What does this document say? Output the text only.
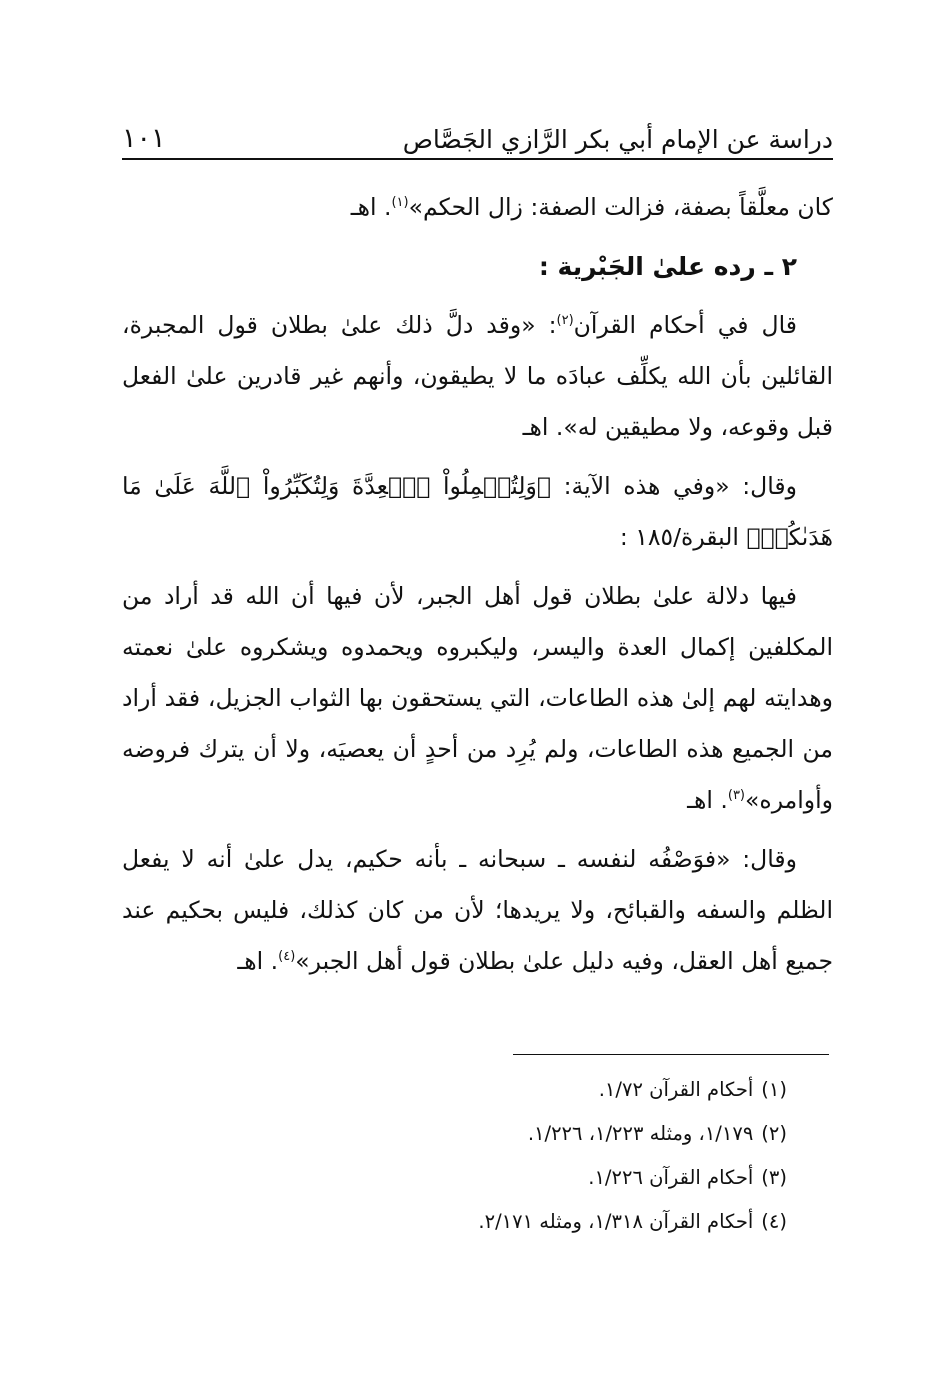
دراسة عن الإمام أبي بكر الرَّازي الجَصَّاص
١٠١

كان معلَّقاً بصفة، فزالت الصفة: زال الحكم»$^{(١)}$. اهـ

٢ ـ رده علىٰ الجَبْرية :

قال في أحكام القرآن$^{(٢)}$: «وقد دلَّ ذلك علىٰ بطلان قول المجبرة، القائلين بأن الله يكلِّف عبادَه ما لا يطيقون، وأنهم غير قادرين علىٰ الفعل قبل وقوعه، ولا مطيقين له». اهـ

وقال: «وفي هذه الآية: ﴿وَلِتُكۡمِلُواْ ٱلۡعِدَّةَ وَلِتُكَبِّرُواْ ٱللَّهَ عَلَىٰ مَا هَدَىٰكُمۡ﴾ البقرة/١٨٥ :

فيها دلالة علىٰ بطلان قول أهل الجبر، لأن فيها أن الله قد أراد من المكلفين إكمال العدة واليسر، وليكبروه ويحمدوه ويشكروه علىٰ نعمته وهدايته لهم إلىٰ هذه الطاعات، التي يستحقون بها الثواب الجزيل، فقد أراد من الجميع هذه الطاعات، ولم يُرِد من أحدٍ أن يعصيَه، ولا أن يترك فروضه وأوامره»$^{(٣)}$. اهـ

وقال: «فوَصْفُه لنفسه ـ سبحانه ـ بأنه حكيم، يدل علىٰ أنه لا يفعل الظلم والسفه والقبائح، ولا يريدها؛ لأن من كان كذلك، فليس بحكيم عند جميع أهل العقل، وفيه دليل علىٰ بطلان قول أهل الجبر»$^{(٤)}$. اهـ

(١)أحكام القرآن ١/٧٢.

(٢)١/١٧٩، ومثله ١/٢٢٣، ١/٢٢٦.

(٣)أحكام القرآن ١/٢٢٦.

(٤)أحكام القرآن ١/٣١٨، ومثله ٢/١٧١.
